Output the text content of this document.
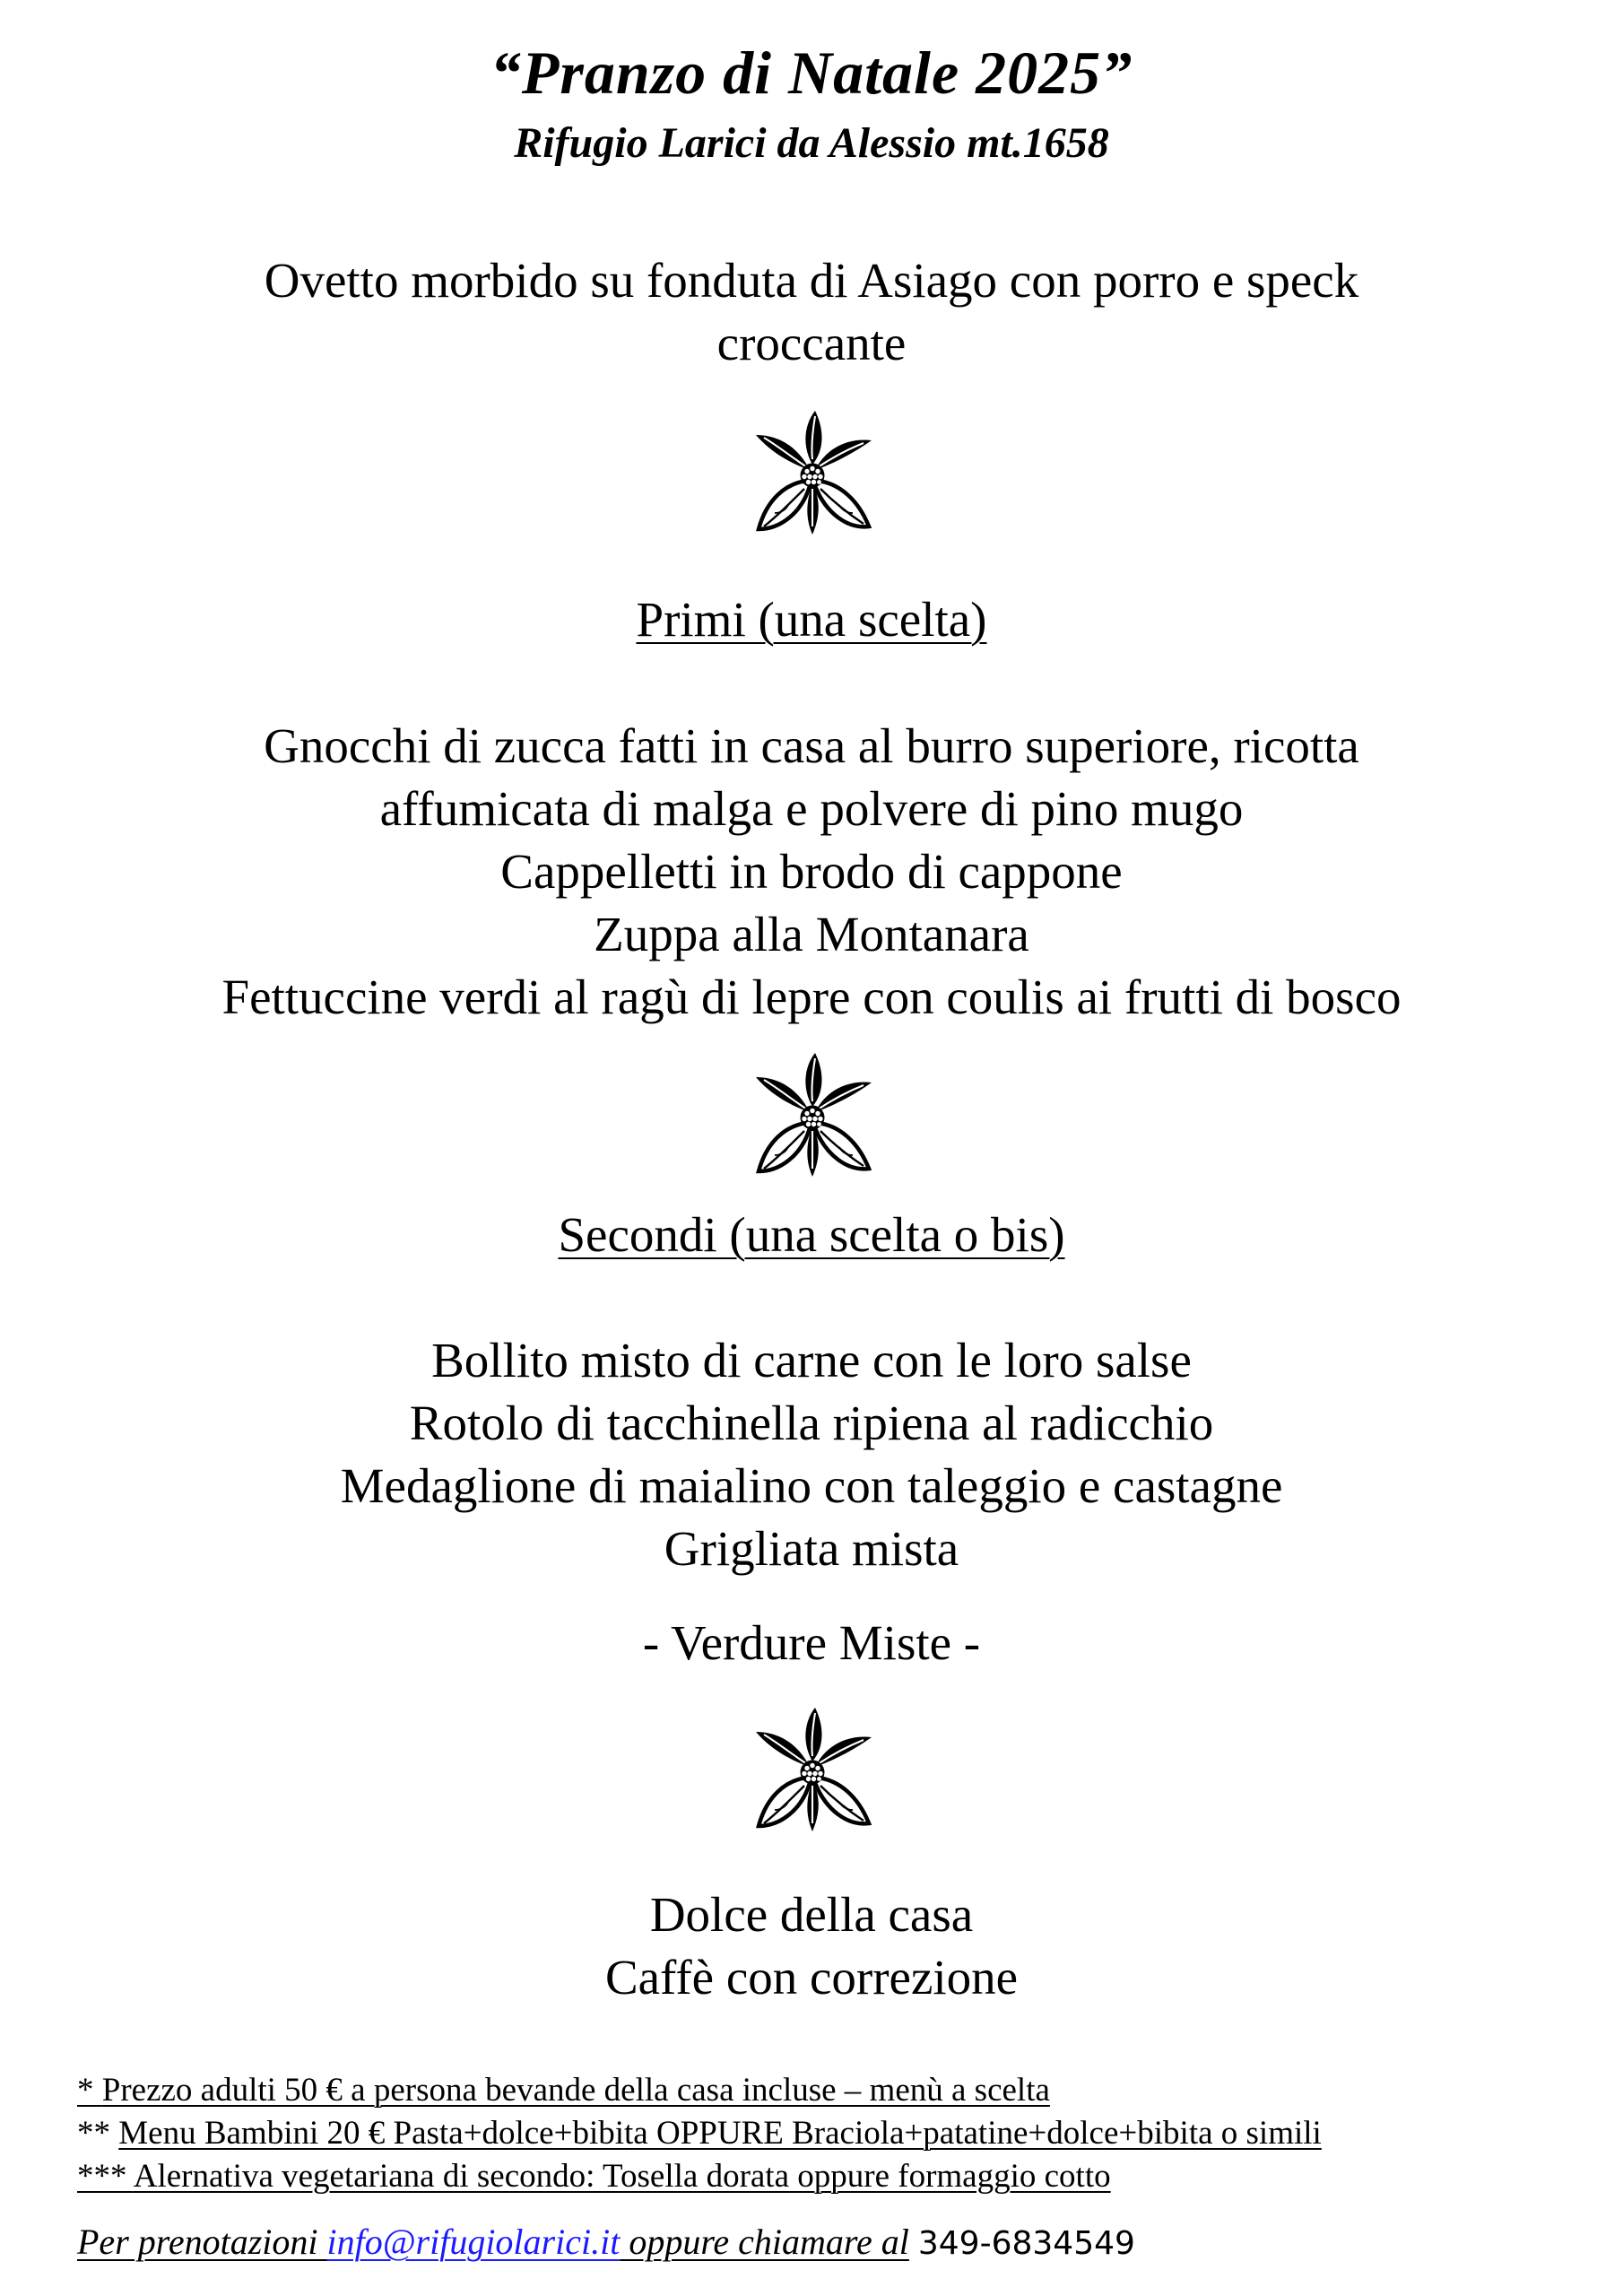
“Pranzo di Natale 2025”
Rifugio Larici da Alessio mt.1658
Ovetto morbido su fonduta di Asiago con porro e speck
croccante
Primi (una scelta)
Gnocchi di zucca fatti in casa al burro superiore, ricotta
affumicata di malga e polvere di pino mugo
Cappelletti in brodo di cappone
Zuppa alla Montanara
Fettuccine verdi al ragù di lepre con coulis ai frutti di bosco
Secondi (una scelta o bis)
Bollito misto di carne con le loro salse
Rotolo di tacchinella ripiena al radicchio
Medaglione di maialino con taleggio e castagne
Grigliata mista
- Verdure Miste -
Dolce della casa
Caffè con correzione
* Prezzo adulti 50 € a persona bevande della casa incluse – menù a scelta
** Menu Bambini 20 € Pasta+dolce+bibita OPPURE Braciola+patatine+dolce+bibita o simili
*** Alernativa vegetariana di secondo: Tosella dorata oppure formaggio cotto
Per prenotazioni info@rifugiolarici.it oppure chiamare al 349-6834549
